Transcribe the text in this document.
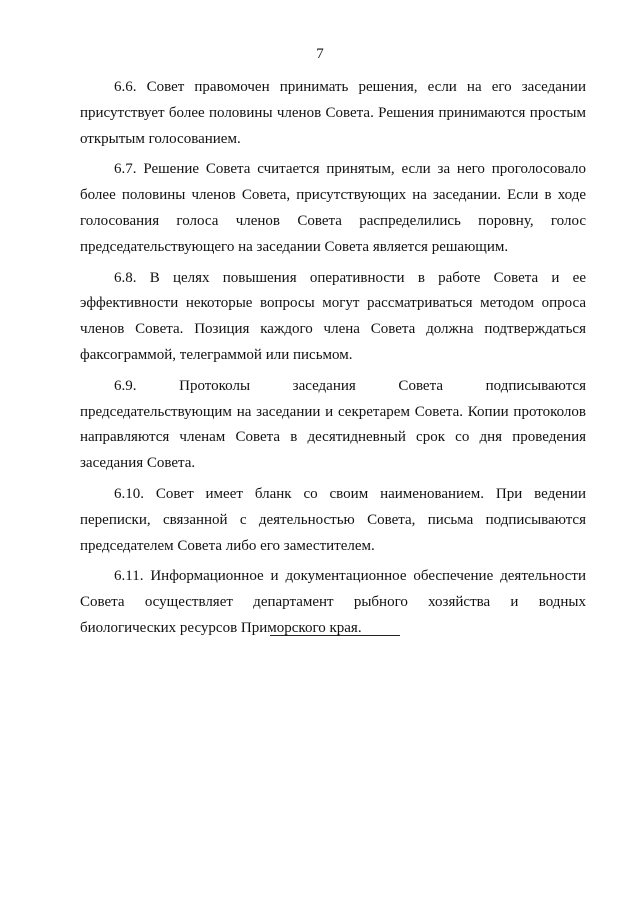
7

6.6. Совет правомочен принимать решения, если на его заседании присутствует более половины членов Совета. Решения принимаются простым открытым голосованием.

6.7. Решение Совета считается принятым, если за него проголосовало более половины членов Совета, присутствующих на заседании. Если в ходе голосования голоса членов Совета распределились поровну, голос председательствующего на заседании Совета является решающим.

6.8. В целях повышения оперативности в работе Совета и ее эффективности некоторые вопросы могут рассматриваться методом опроса членов Совета. Позиция каждого члена Совета должна подтверждаться факсограммой, телеграммой или письмом.

6.9. Протоколы заседания Совета подписываются председательствующим на заседании и секретарем Совета. Копии протоколов направляются членам Совета в десятидневный срок со дня проведения заседания Совета.

6.10. Совет имеет бланк со своим наименованием. При ведении переписки, связанной с деятельностью Совета, письма подписываются председателем Совета либо его заместителем.

6.11. Информационное и документационное обеспечение деятельности Совета осуществляет департамент рыбного хозяйства и водных биологических ресурсов Приморского края.
